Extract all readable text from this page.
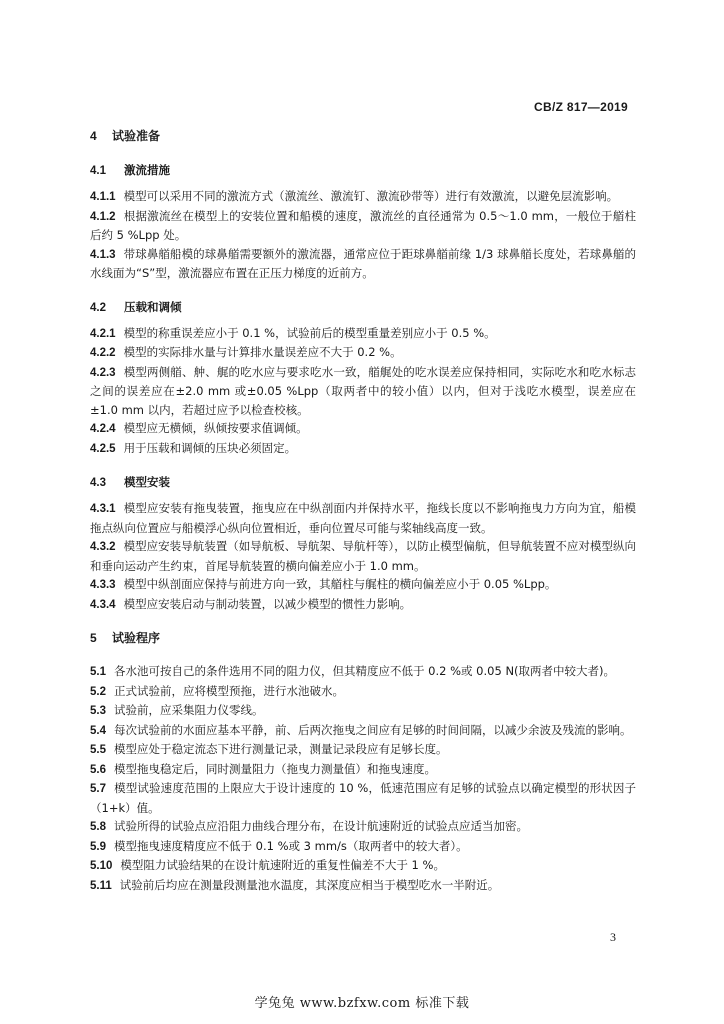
CB/Z 817—2019
4 试验准备
4.1 激流措施

4.1.1 模型可以采用不同的激流方式（激流丝、激流钉、激流砂带等）进行有效激流，以避免层流影响。

4.1.2 根据激流丝在模型上的安装位置和船模的速度，激流丝的直径通常为 0.5～1.0 mm，一般位于艏柱后约 5 %Lpp 处。

4.1.3 带球鼻艏船模的球鼻艏需要额外的激流器，通常应位于距球鼻艏前缘 1/3 球鼻艏长度处，若球鼻艏的水线面为“S”型，激流器应布置在正压力梯度的近前方。

4.2 压载和调倾

4.2.1 模型的称重误差应小于 0.1 %，试验前后的模型重量差别应小于 0.5 %。

4.2.2 模型的实际排水量与计算排水量误差应不大于 0.2 %。

4.2.3 模型两侧艏、舯、艉的吃水应与要求吃水一致，艏艉处的吃水误差应保持相同，实际吃水和吃水标志之间的误差应在±2.0 mm 或±0.05 %Lpp（取两者中的较小值）以内，但对于浅吃水模型，误差应在±1.0 mm 以内，若超过应予以检查校核。

4.2.4 模型应无横倾，纵倾按要求值调倾。

4.2.5 用于压载和调倾的压块必须固定。

4.3 模型安装

4.3.1 模型应安装有拖曳装置，拖曳应在中纵剖面内并保持水平，拖线长度以不影响拖曳力方向为宜，船模拖点纵向位置应与船模浮心纵向位置相近，垂向位置尽可能与桨轴线高度一致。

4.3.2 模型应安装导航装置（如导航板、导航架、导航杆等），以防止模型偏航，但导航装置不应对模型纵向和垂向运动产生约束，首尾导航装置的横向偏差应小于 1.0 mm。

4.3.3 模型中纵剖面应保持与前进方向一致，其艏柱与艉柱的横向偏差应小于 0.05 %Lpp。

4.3.4 模型应安装启动与制动装置，以减少模型的惯性力影响。

5 试验程序

5.1 各水池可按自己的条件选用不同的阻力仪，但其精度应不低于 0.2 %或 0.05 N(取两者中较大者)。

5.2 正式试验前，应将模型预拖，进行水池破水。

5.3 试验前，应采集阻力仪零线。

5.4 每次试验前的水面应基本平静，前、后两次拖曳之间应有足够的时间间隔，以减少余波及残流的影响。

5.5 模型应处于稳定流态下进行测量记录，测量记录段应有足够长度。

5.6 模型拖曳稳定后，同时测量阻力（拖曳力测量值）和拖曳速度。

5.7 模型试验速度范围的上限应大于设计速度的 10 %，低速范围应有足够的试验点以确定模型的形状因子（1+k）值。

5.8 试验所得的试验点应沿阻力曲线合理分布，在设计航速附近的试验点应适当加密。

5.9 模型拖曳速度精度应不低于 0.1 %或 3 mm/s（取两者中的较大者）。

5.10 模型阻力试验结果的在设计航速附近的重复性偏差不大于 1 %。

5.11 试验前后均应在测量段测量池水温度，其深度应相当于模型吃水一半附近。

3
学兔兔 www.bzfxw.com 标准下载
